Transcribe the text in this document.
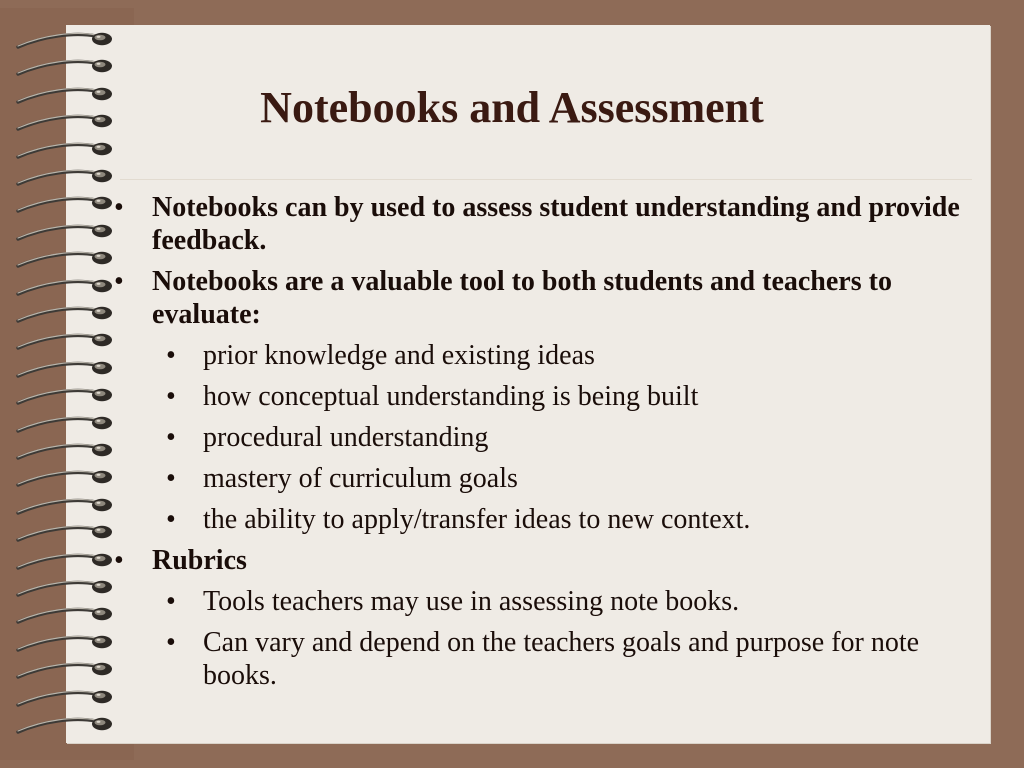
Notebooks and Assessment
• Notebooks can by used to assess student understanding and provide feedback.
• Notebooks are a valuable tool to both students and teachers to evaluate:
• prior knowledge and existing ideas
• how conceptual understanding is being built
• procedural understanding
• mastery of curriculum goals
• the ability to apply/transfer ideas to new context.
• Rubrics
• Tools teachers may use in assessing note books.
• Can vary and depend on the teachers goals and purpose for note books.
